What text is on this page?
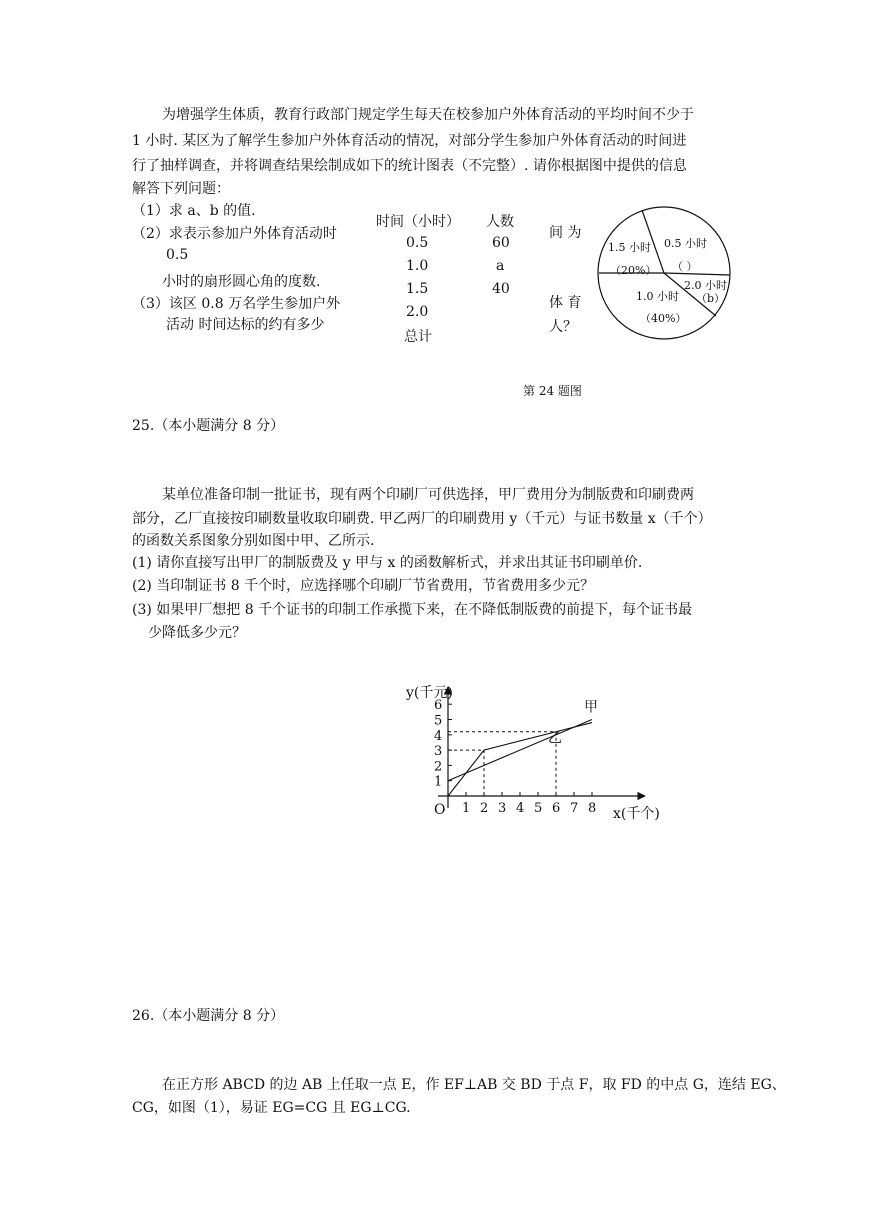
为增强学生体质，教育行政部门规定学生每天在校参加户外体育活动的平均时间不少于
1 小时. 某区为了解学生参加户外体育活动的情况，对部分学生参加户外体育活动的时间进
行了抽样调查，并将调查结果绘制成如下的统计图表（不完整）. 请你根据图中提供的信息
解答下列问题：
（1）求 a、b 的值.
（2）求表示参加户外体育活动时
0.5
小时的扇形圆心角的度数.
（3）该区 0.8 万名学生参加户外
活动 时间达标的约有多少
时间（小时） 人数
0.5	60
1.0	a
1.5	40
2.0
总计
间 为
体 育
人？
1.5 小时
（20%）
0.5 小时
（ ）
2.0 小时
（b）
1.0 小时
（40%）
第 24 题图
25.（本小题满分 8 分）
某单位准备印制一批证书，现有两个印刷厂可供选择，甲厂费用分为制版费和印刷费两
部分，乙厂直接按印刷数量收取印刷费. 甲乙两厂的印刷费用 y（千元）与证书数量 x（千个）
的函数关系图象分别如图中甲、乙所示.
(1) 请你直接写出甲厂的制版费及 y 甲与 x 的函数解析式，并求出其证书印刷单价.
(2) 当印制证书 8 千个时，应选择哪个印刷厂节省费用，节省费用多少元？
(3) 如果甲厂想把 8 千个证书的印制工作承揽下来，在不降低制版费的前提下，每个证书最
少降低多少元？
1 2 3 4 5 6 7 8
1
2
3
4
5
6	甲
乙
x(千个)
y(千元)
O
26.（本小题满分 8 分）
在正方形 ABCD 的边 AB 上任取一点 E，作 EF⊥AB 交 BD 于点 F，取 FD 的中点 G，连结 EG、
CG，如图（1），易证 EG=CG 且 EG⊥CG.
